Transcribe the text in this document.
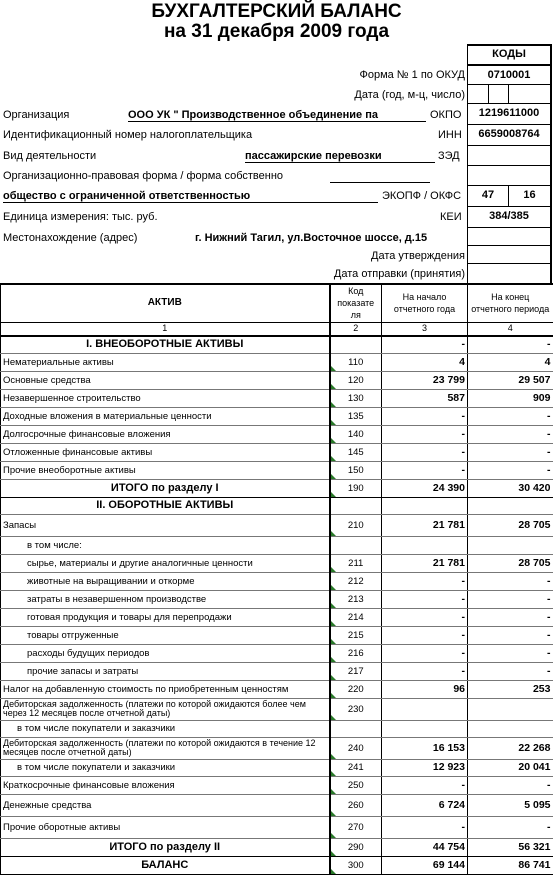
БУХГАЛТЕРСКИЙ БАЛАНС
на 31 декабря 2009 года
КОДЫ
Форма № 1 по ОКУД	0710001
Дата (год, м-ц, число)
Организация	ООО УК " Производственное объединение па	ОКПО	1219611000
Идентификационный номер налогоплательщика	ИНН	6659008764
Вид деятельности	пассажирские перевозки	ЗЭД
Организационно-правовая форма / форма собственно
общество с ограниченной ответственностью	ЭКОПФ / ОКФС	47	16
Единица измерения: тыс. руб.	КЕИ	384/385
Местонахождение (адрес)	г. Нижний Тагил, ул.Восточное шоссе, д.15
Дата утверждения
Дата отправки (принятия)
АКТИВ	Код показате ля	На начало отчетного года	На конец отчетного периода
1	2	3	4
I. ВНЕОБОРОТНЫЕ АКТИВЫ		-	-
Нематериальные активы	110	4	4
Основные средства	120	23 799	29 507
Незавершенное строительство	130	587	909
Доходные вложения в материальные ценности	135	-	-
Долгосрочные финансовые вложения	140	-	-
Отложенные финансовые активы	145	-	-
Прочие внеоборотные активы	150	-	-
ИТОГО по разделу I	190	24 390	30 420
II. ОБОРОТНЫЕ АКТИВЫ			
Запасы	210	21 781	28 705
в том числе:			
сырье, материалы и другие аналогичные ценности	211	21 781	28 705
животные на выращивании и откорме	212	-	-
затраты в незавершенном производстве	213	-	-
готовая продукция и товары для перепродажи	214	-	-
товары отгруженные	215	-	-
расходы будущих периодов	216	-	-
прочие запасы и затраты	217	-	-
Налог на добавленную стоимость по приобретенным ценностям	220	96	253
Дебиторская задолженность (платежи по которой ожидаются более чем через 12 месяцев после отчетной даты)	230

в том числе покупатели и заказчики			
Дебиторская задолженность (платежи по которой ожидаются в течение 12 месяцев после отчетной даты)	240	16 153	22 268
в том числе покупатели и заказчики	241	12 923	20 041
Краткосрочные финансовые вложения	250	-	-
Денежные средства	260	6 724	5 095
Прочие оборотные активы	270	-	-
ИТОГО по разделу II	290	44 754	56 321
БАЛАНС	300	69 144	86 741
